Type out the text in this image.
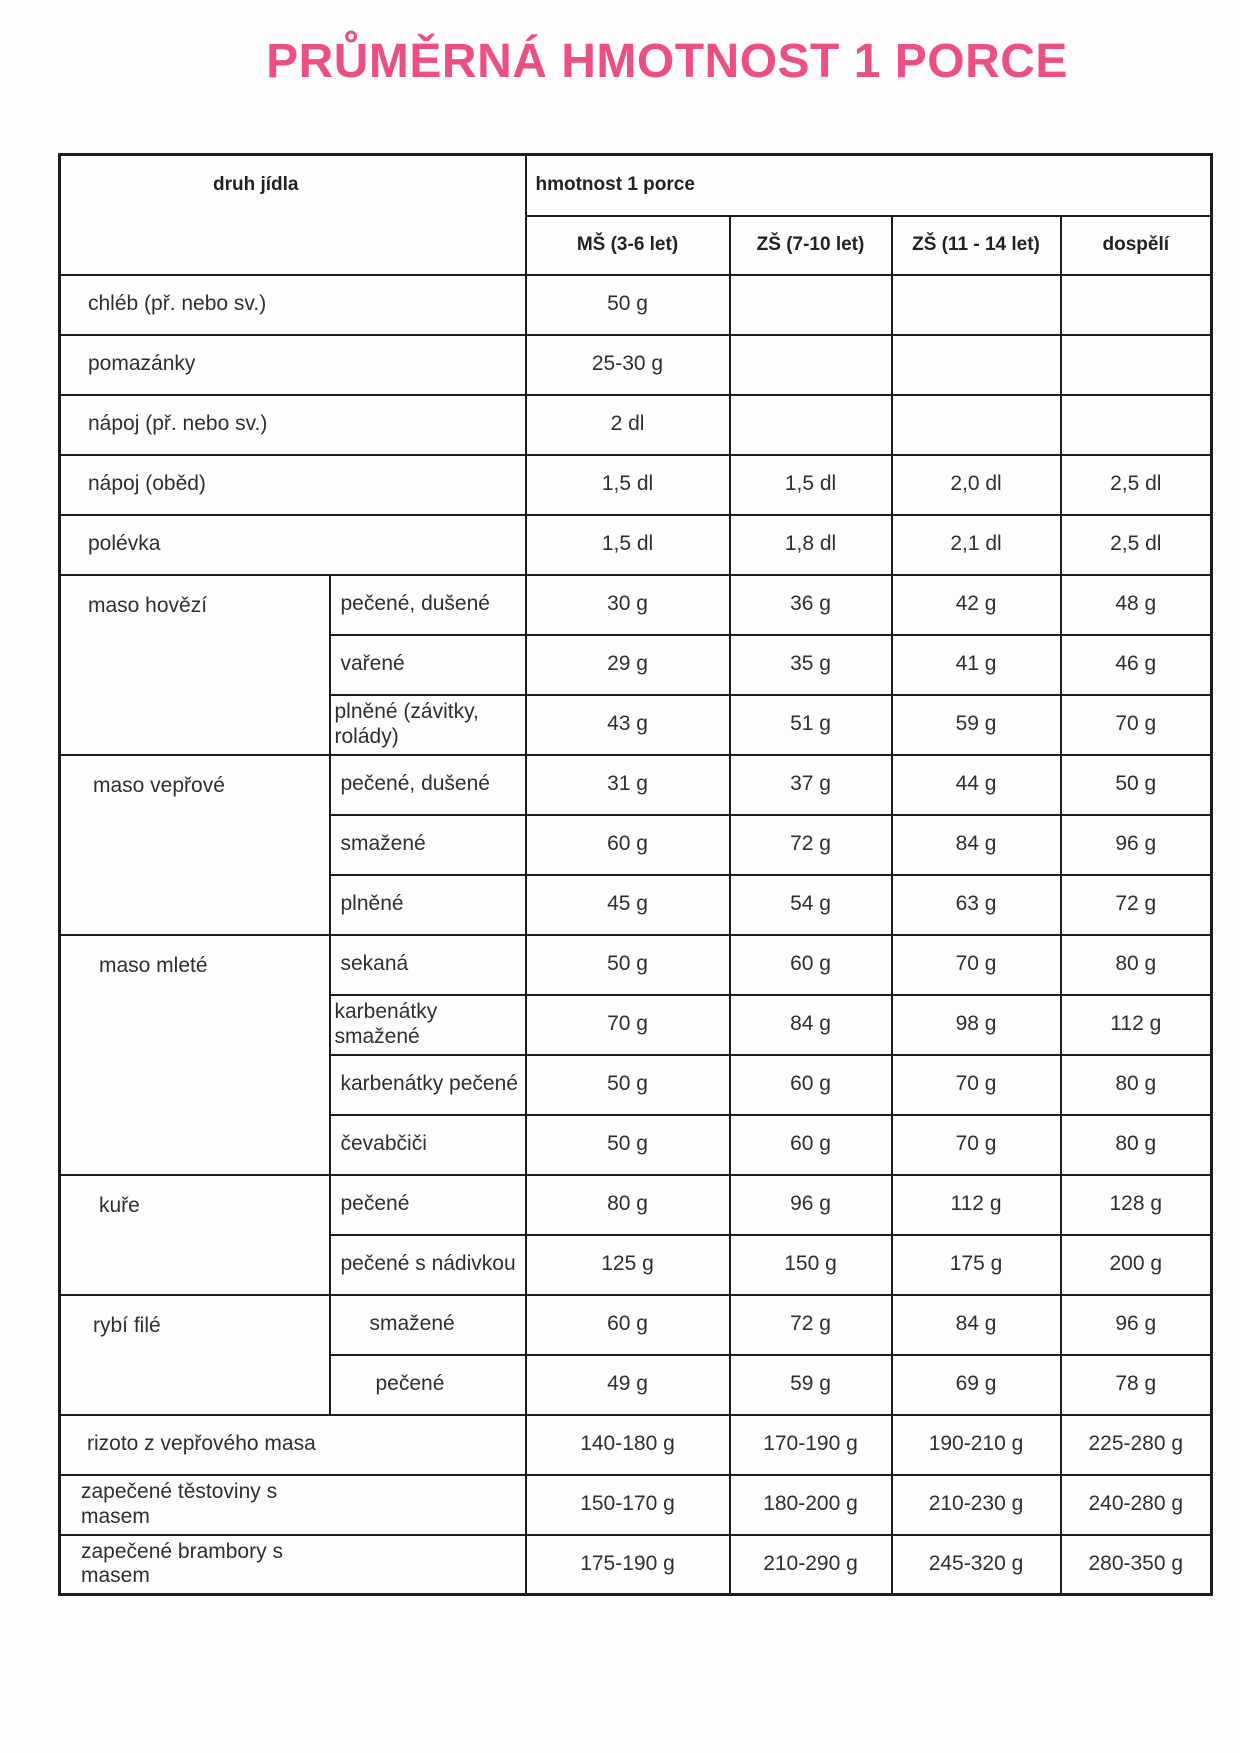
PRŮMĚRNÁ HMOTNOST 1 PORCE
druh jídla		hmotnost 1 porce			
		MŠ (3-6 let)	ZŠ (7-10 let)	ZŠ (11 - 14 let)	dospělí
chléb (př. nebo sv.)		50 g			
pomazánky		25-30 g			
nápoj (př. nebo sv.)		2 dl			
nápoj (oběd)		1,5 dl	1,5 dl	2,0 dl	2,5 dl
polévka		1,5 dl	1,8 dl	2,1 dl	2,5 dl
maso hovězí	pečené, dušené	30 g	36 g	42 g	48 g
	vařené	29 g	35 g	41 g	46 g
	plněné (závitky, rolády)	43 g	51 g	59 g	70 g
maso vepřové	pečené, dušené	31 g	37 g	44 g	50 g
	smažené	60 g	72 g	84 g	96 g
	plněné	45 g	54 g	63 g	72 g
maso mleté	sekaná	50 g	60 g	70 g	80 g
	karbenátky smažené	70 g	84 g	98 g	112 g
	karbenátky pečené	50 g	60 g	70 g	80 g
	čevabčiči	50 g	60 g	70 g	80 g
kuře	pečené	80 g	96 g	112 g	128 g
	pečené s nádivkou	125 g	150 g	175 g	200 g
rybí filé	smažené	60 g	72 g	84 g	96 g
	pečené	49 g	59 g	69 g	78 g
rizoto z vepřového masa		140-180 g	170-190 g	190-210 g	225-280 g
zapečené těstoviny s masem		150-170 g	180-200 g	210-230 g	240-280 g
zapečené brambory s masem		175-190 g	210-290 g	245-320 g	280-350 g
